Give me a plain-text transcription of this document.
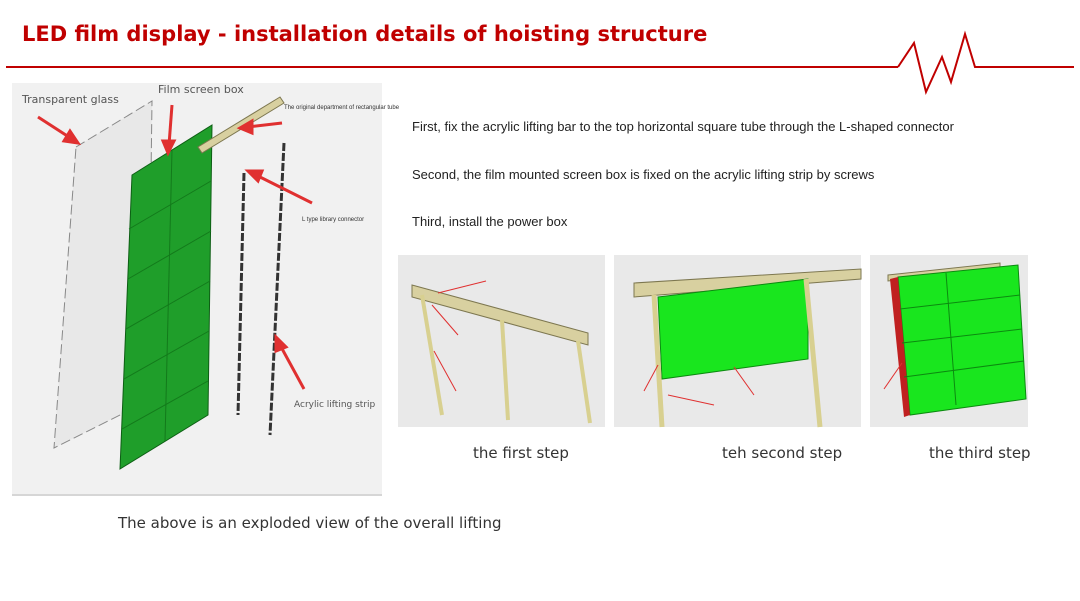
LED film display - installation details of hoisting structure
Transparent glass
Film screen box
The original department of rectangular tube
L type library connector
Acrylic lifting strip
First, fix the acrylic lifting bar to the top horizontal square tube through the L-shaped connector
Second, the film mounted screen box is fixed on the acrylic lifting strip by screws
Third, install the power box
the first step	teh second step	the third step
The above is an exploded view of the overall lifting
